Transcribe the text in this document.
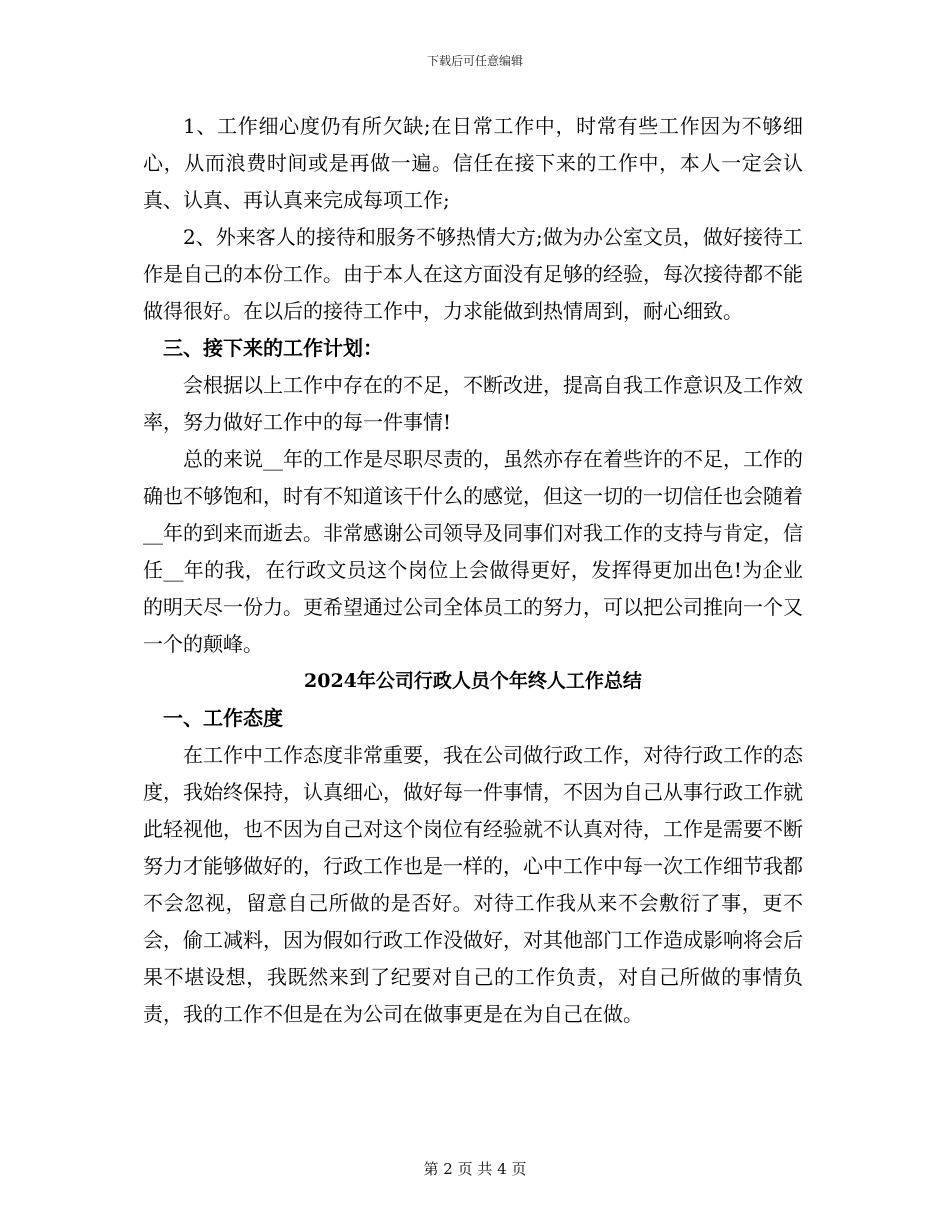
下载后可任意编辑

1、工作细心度仍有所欠缺;在日常工作中，时常有些工作因为不够细心，从而浪费时间或是再做一遍。信任在接下来的工作中，本人一定会认真、认真、再认真来完成每项工作;

2、外来客人的接待和服务不够热情大方;做为办公室文员，做好接待工作是自己的本份工作。由于本人在这方面没有足够的经验，每次接待都不能做得很好。在以后的接待工作中，力求能做到热情周到，耐心细致。

三、接下来的工作计划：

会根据以上工作中存在的不足，不断改进，提高自我工作意识及工作效率，努力做好工作中的每一件事情!

总的来说__年的工作是尽职尽责的，虽然亦存在着些许的不足，工作的确也不够饱和，时有不知道该干什么的感觉，但这一切的一切信任也会随着__年的到来而逝去。非常感谢公司领导及同事们对我工作的支持与肯定，信任__年的我，在行政文员这个岗位上会做得更好，发挥得更加出色!为企业的明天尽一份力。更希望通过公司全体员工的努力，可以把公司推向一个又一个的颠峰。

2024年公司行政人员个年终人工作总结

一、工作态度

在工作中工作态度非常重要，我在公司做行政工作，对待行政工作的态度，我始终保持，认真细心，做好每一件事情，不因为自己从事行政工作就此轻视他，也不因为自己对这个岗位有经验就不认真对待，工作是需要不断努力才能够做好的，行政工作也是一样的，心中工作中每一次工作细节我都不会忽视，留意自己所做的是否好。对待工作我从来不会敷衍了事，更不会，偷工减料，因为假如行政工作没做好，对其他部门工作造成影响将会后果不堪设想，我既然来到了纪要对自己的工作负责，对自己所做的事情负责，我的工作不但是在为公司在做事更是在为自己在做。

第 2 页 共 4 页
